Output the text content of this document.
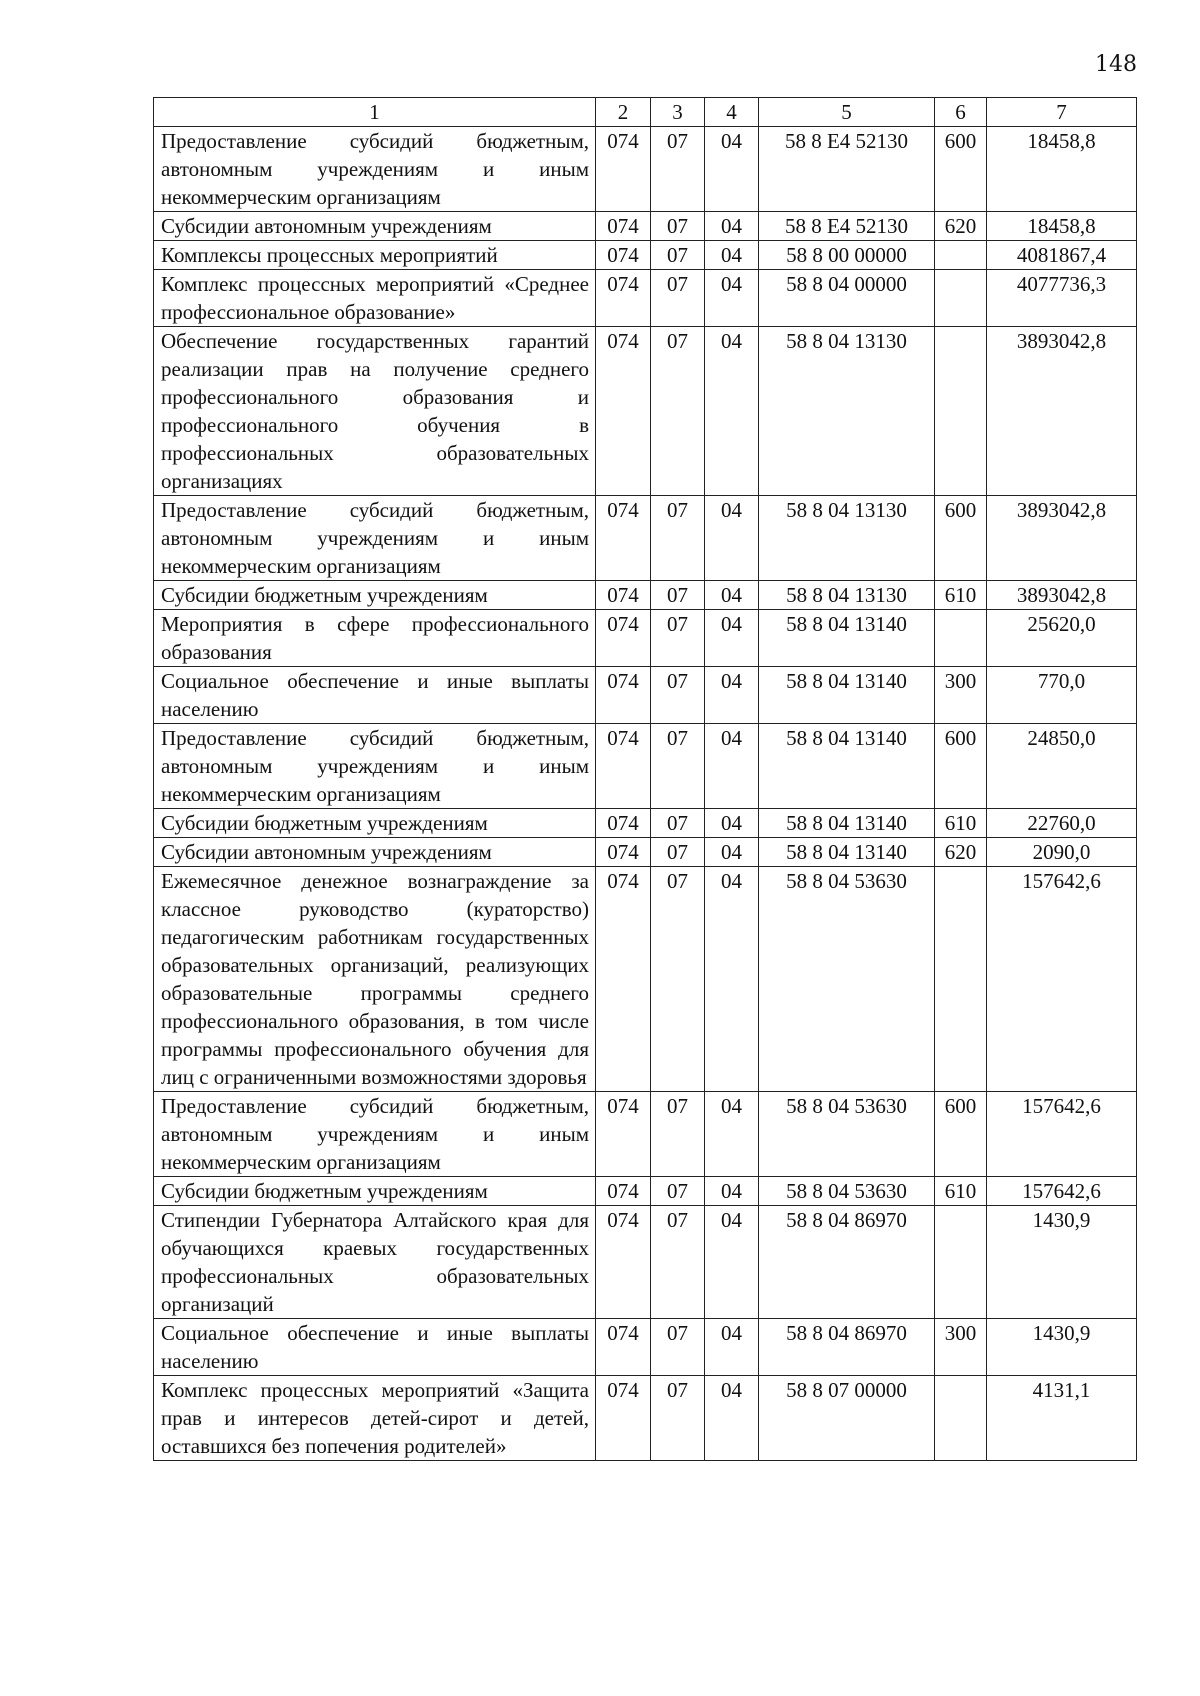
148
1	2	3	4	5	6	7
Предоставление субсидий бюджетным, автономным учреждениям и иным некоммерческим организациям	074	07	04	58 8 Е4 52130	600	18458,8
Субсидии автономным учреждениям	074	07	04	58 8 Е4 52130	620	18458,8
Комплексы процессных мероприятий	074	07	04	58 8 00 00000		4081867,4
Комплекс процессных мероприятий «Среднее профессиональное образование»	074	07	04	58 8 04 00000		4077736,3
Обеспечение государственных гарантий реализации прав на получение среднего профессионального образования и профессионального обучения в профессиональных образовательных организациях	074	07	04	58 8 04 13130		3893042,8
Предоставление субсидий бюджетным, автономным учреждениям и иным некоммерческим организациям	074	07	04	58 8 04 13130	600	3893042,8
Субсидии бюджетным учреждениям	074	07	04	58 8 04 13130	610	3893042,8
Мероприятия в сфере профессионального образования	074	07	04	58 8 04 13140		25620,0
Социальное обеспечение и иные выплаты населению	074	07	04	58 8 04 13140	300	770,0
Предоставление субсидий бюджетным, автономным учреждениям и иным некоммерческим организациям	074	07	04	58 8 04 13140	600	24850,0
Субсидии бюджетным учреждениям	074	07	04	58 8 04 13140	610	22760,0
Субсидии автономным учреждениям	074	07	04	58 8 04 13140	620	2090,0
Ежемесячное денежное вознаграждение за классное руководство (кураторство) педагогическим работникам государственных образовательных организаций, реализующих образовательные программы среднего профессионального образования, в том числе программы профессионального обучения для лиц с ограниченными возможностями здоровья	074	07	04	58 8 04 53630		157642,6
Предоставление субсидий бюджетным, автономным учреждениям и иным некоммерческим организациям	074	07	04	58 8 04 53630	600	157642,6
Субсидии бюджетным учреждениям	074	07	04	58 8 04 53630	610	157642,6
Стипендии Губернатора Алтайского края для обучающихся краевых государственных профессиональных образовательных организаций	074	07	04	58 8 04 86970		1430,9
Социальное обеспечение и иные выплаты населению	074	07	04	58 8 04 86970	300	1430,9
Комплекс процессных мероприятий «Защита прав и интересов детей-сирот и детей, оставшихся без попечения родителей»	074	07	04	58 8 07 00000		4131,1
